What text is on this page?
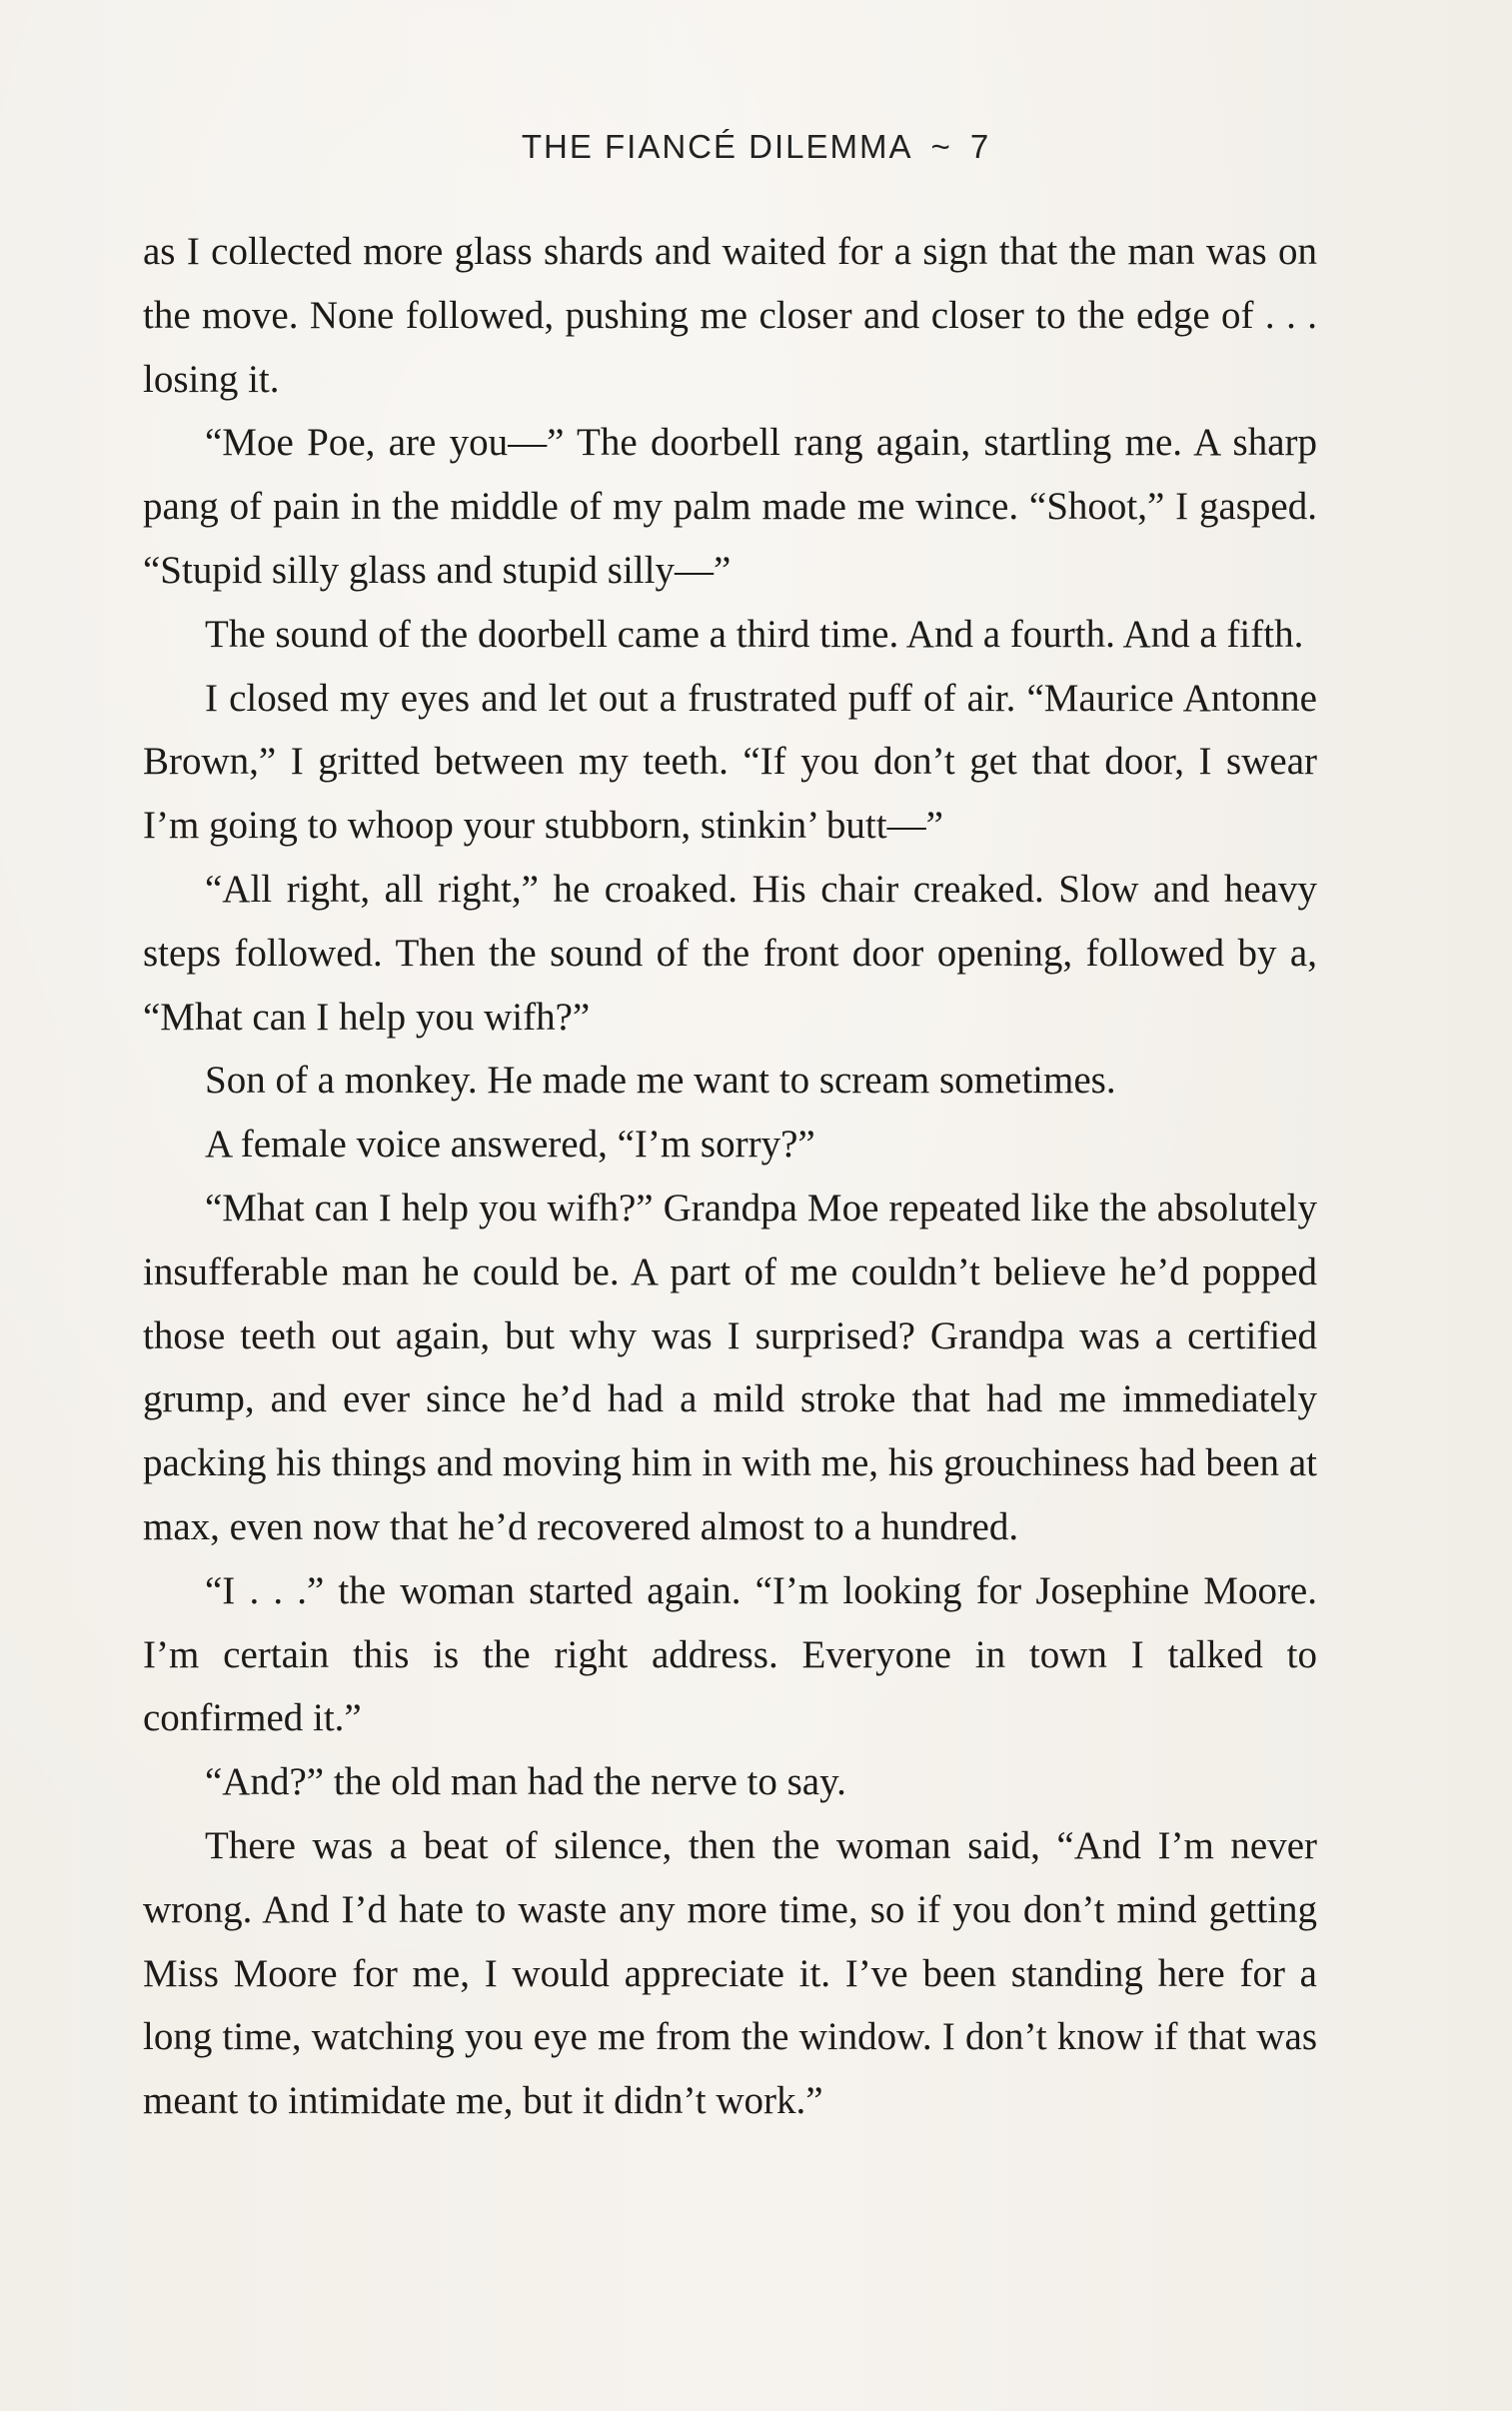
THE FIANCÉ DILEMMA ~ 7

as I collected more glass shards and waited for a sign that the man was on the move. None followed, pushing me closer and closer to the edge of . . . losing it.

“Moe Poe, are you—” The doorbell rang again, startling me. A sharp pang of pain in the middle of my palm made me wince. “Shoot,” I gasped. “Stupid silly glass and stupid silly—”

The sound of the doorbell came a third time. And a fourth. And a fifth.

I closed my eyes and let out a frustrated puff of air. “Maurice Antonne Brown,” I gritted between my teeth. “If you don’t get that door, I swear I’m going to whoop your stubborn, stinkin’ butt—”

“All right, all right,” he croaked. His chair creaked. Slow and heavy steps followed. Then the sound of the front door opening, followed by a, “Mhat can I help you wifh?”

Son of a monkey. He made me want to scream sometimes.

A female voice answered, “I’m sorry?”

“Mhat can I help you wifh?” Grandpa Moe repeated like the absolutely insufferable man he could be. A part of me couldn’t believe he’d popped those teeth out again, but why was I surprised? Grandpa was a certified grump, and ever since he’d had a mild stroke that had me immediately packing his things and moving him in with me, his grouchiness had been at max, even now that he’d recovered almost to a hundred.

“I . . .” the woman started again. “I’m looking for Josephine Moore. I’m certain this is the right address. Everyone in town I talked to confirmed it.”

“And?” the old man had the nerve to say.

There was a beat of silence, then the woman said, “And I’m never wrong. And I’d hate to waste any more time, so if you don’t mind getting Miss Moore for me, I would appreciate it. I’ve been standing here for a long time, watching you eye me from the window. I don’t know if that was meant to intimidate me, but it didn’t work.”
